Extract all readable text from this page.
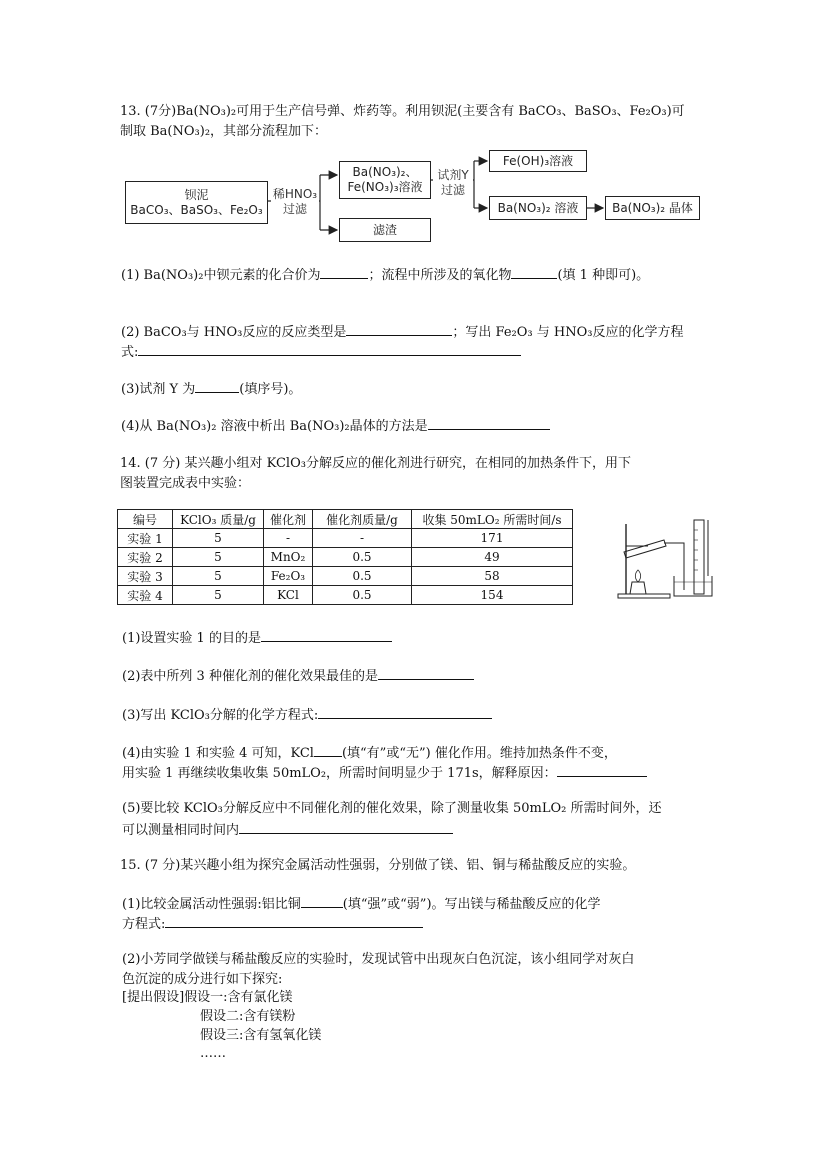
13. (7分)Ba(NO₃)₂可用于生产信号弹、炸药等。利用钡泥(主要含有 BaCO₃、BaSO₃、Fe₂O₃)可
制取 Ba(NO₃)₂，其部分流程加下：
钡泥
BaCO₃、BaSO₃、Fe₂O₃
稀HNO₃
过滤
Ba(NO₃)₂、
Fe(NO₃)₃溶液
滤渣
试剂Y
过滤
Fe(OH)₃溶液
Ba(NO₃)₂ 溶液	Ba(NO₃)₂ 晶体
(1) Ba(NO₃)₂中钡元素的化合价为	；流程中所涉及的氧化物	(填 1 种即可)。
(2) BaCO₃与 HNO₃反应的反应类型是	；写出 Fe₂O₃ 与 HNO₃反应的化学方程
式:
(3)试剂 Y 为	(填序号)。
(4)从 Ba(NO₃)₂ 溶液中析出 Ba(NO₃)₂晶体的方法是
14. (7 分) 某兴趣小组对 KClO₃分解反应的催化剂进行研究，在相同的加热条件下，用下
图装置完成表中实验：
编号	KClO₃ 质量/g	催化剂	催化剂质量/g	收集 50mLO₂ 所需时间/s
实验 1	5	-	-	171
实验 2	5	MnO₂	0.5	49
实验 3	5	Fe₂O₃	0.5	58
实验 4	5	KCl	0.5	154
(1)设置实验 1 的目的是
(2)表中所列 3 种催化剂的催化效果最佳的是
(3)写出 KClO₃分解的化学方程式:
(4)由实验 1 和实验 4 可知，KCl (填“有”或“无”) 催化作用。维持加热条件不变，
用实验 1 再继续收集收集 50mLO₂，所需时间明显少于 171s，解释原因：
(5)要比较 KClO₃分解反应中不同催化剂的催化效果，除了测量收集 50mLO₂ 所需时间外，还
可以测量相同时间内
15. (7 分)某兴趣小组为探究金属活动性强弱，分别做了镁、铝、铜与稀盐酸反应的实验。
(1)比较金属活动性强弱:铝比铜	(填“强”或“弱”)。写出镁与稀盐酸反应的化学
方程式:
(2)小芳同学做镁与稀盐酸反应的实验时，发现试管中出现灰白色沉淀，该小组同学对灰白
色沉淀的成分进行如下探究:
[提出假设]假设一:含有氯化镁
假设二:含有镁粉
假设三:含有氢氧化镁
……
